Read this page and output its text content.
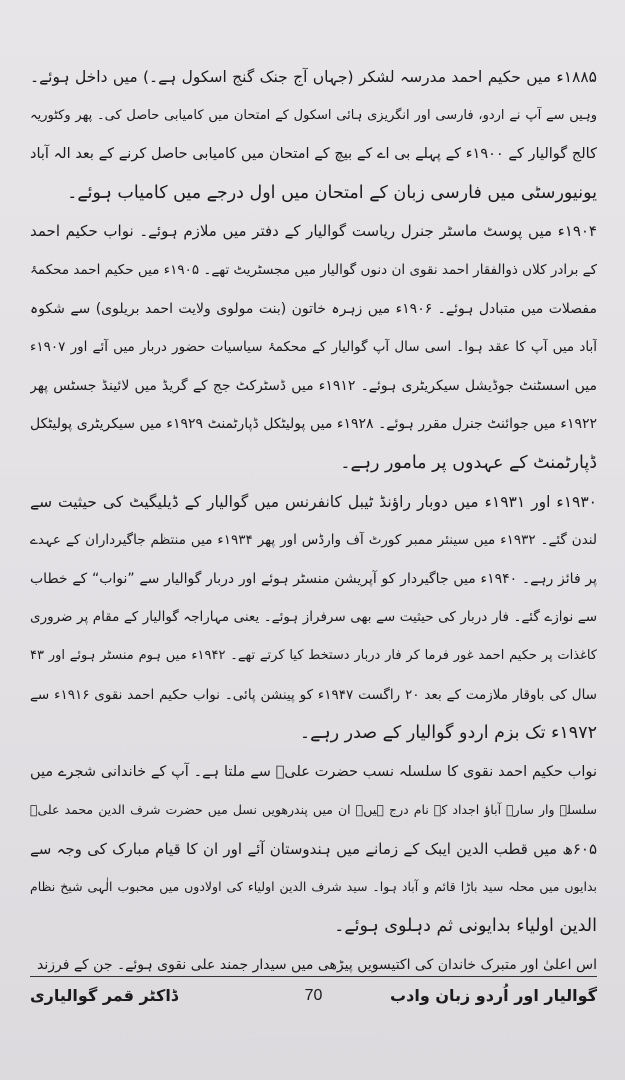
۱۸۸۵ء میں حکیم احمد مدرسہ لشکر (جہاں آج جنک گنج اسکول ہے۔) میں داخل ہوئے۔
وہیں سے آپ نے اردو، فارسی اور انگریزی ہائی اسکول کے امتحان میں کامیابی حاصل کی۔ پھر وکٹوریہ
کالج گوالیار کے ۱۹۰۰ء کے پہلے بی اے کے بیچ کے امتحان میں کامیابی حاصل کرنے کے بعد الہ آباد
یونیورسٹی میں فارسی زبان کے امتحان میں اول درجے میں کامیاب ہوئے۔
۱۹۰۴ء میں پوسٹ ماسٹر جنرل ریاست گوالیار کے دفتر میں ملازم ہوئے۔ نواب حکیم احمد
کے برادر کلاں ذوالفقار احمد نقوی ان دنوں گوالیار میں مجسٹریٹ تھے۔ ۱۹۰۵ء میں حکیم احمد محکمۂ
مفصلات میں متبادل ہوئے۔ ۱۹۰۶ء میں زہرہ خاتون (بنت مولوی ولایت احمد بریلوی) سے شکوہ
آباد میں آپ کا عقد ہوا۔ اسی سال آپ گوالیار کے محکمۂ سیاسیات حضور دربار میں آئے اور ۱۹۰۷ء
میں اسسٹنٹ جوڈیشل سیکریٹری ہوئے۔ ۱۹۱۲ء میں ڈسٹرکٹ جج کے گریڈ میں لائینڈ جسٹس پھر
۱۹۲۲ء میں جوائنٹ جنرل مقرر ہوئے۔ ۱۹۲۸ء میں پولیٹکل ڈپارٹمنٹ ۱۹۲۹ء میں سیکریٹری پولیٹکل
ڈپارٹمنٹ کے عہدوں پر مامور رہے۔
۱۹۳۰ء اور ۱۹۳۱ء میں دوبار راؤنڈ ٹیبل کانفرنس میں گوالیار کے ڈیلیگیٹ کی حیثیت سے
لندن گئے۔ ۱۹۳۲ء میں سینئر ممبر کورٹ آف وارڈس اور پھر ۱۹۳۴ء میں منتظم جاگیرداران کے عہدے
پر فائز رہے۔ ۱۹۴۰ء میں جاگیردار کو آپریشن منسٹر ہوئے اور دربار گوالیار سے ”نواب“ کے خطاب
سے نوازے گئے۔ فار دربار کی حیثیت سے بھی سرفراز ہوئے۔ یعنی مہاراجہ گوالیار کے مقام پر ضروری
کاغذات پر حکیم احمد غور فرما کر فار دربار دستخط کیا کرتے تھے۔ ۱۹۴۲ء میں ہوم منسٹر ہوئے اور ۴۳
سال کی باوقار ملازمت کے بعد ۲۰ راگست ۱۹۴۷ء کو پینشن پائی۔ نواب حکیم احمد نقوی ۱۹۱۶ء سے
۱۹۷۲ء تک بزم اردو گوالیار کے صدر رہے۔
نواب حکیم احمد نقوی کا سلسلہ نسب حضرت علیؓ سے ملتا ہے۔ آپ کے خاندانی شجرے میں
سلسلہ وار سارے آباؤ اجداد کے نام درج ہیں۔ ان میں پندرھویں نسل میں حضرت شرف الدین محمد علیؒ
۶۰۵ھ میں قطب الدین ایبک کے زمانے میں ہندوستان آئے اور ان کا قیام مبارک کی وجہ سے
بدایوں میں محلہ سید باڑا قائم و آباد ہوا۔ سید شرف الدین اولیاء کی اولادوں میں محبوب الٰہی شیخ نظام
الدین اولیاء بدایونی ثم دہلوی ہوئے۔
اس اعلیٰ اور متبرک خاندان کی اکتیسویں پیڑھی میں سیدار جمند علی نقوی ہوئے۔ جن کے فرزند
گوالیار اور اُردو زبان وادب
70
ڈاکٹر قمر گوالیاری
